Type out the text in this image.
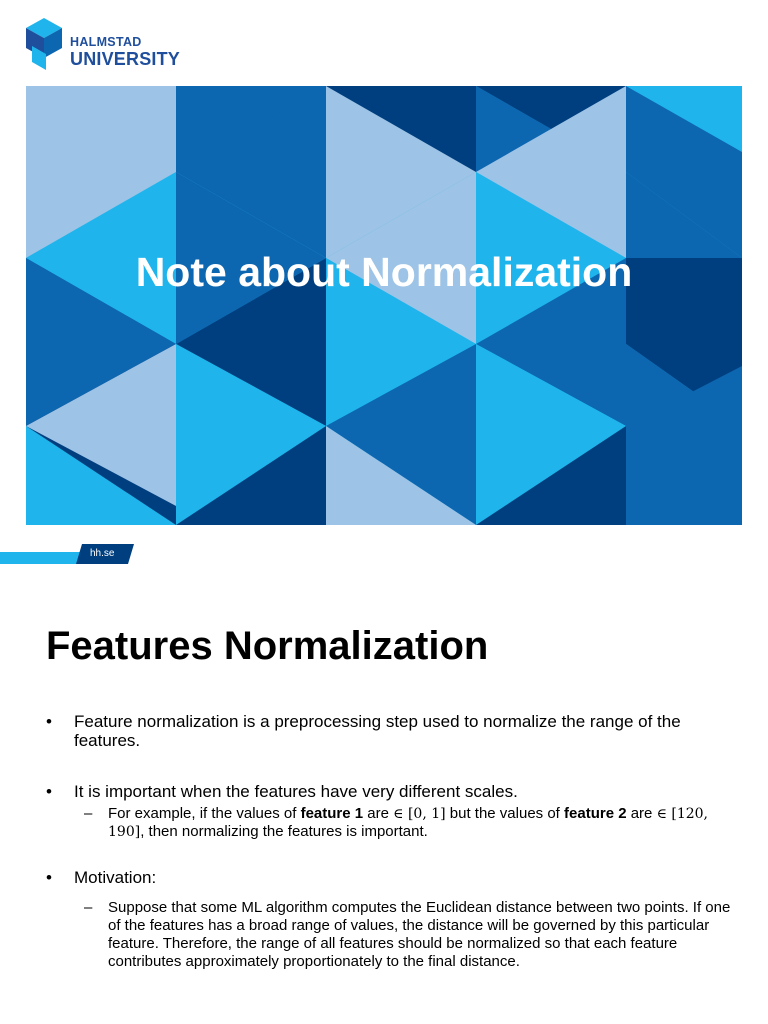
HALMSTAD
UNIVERSITY
Note about Normalization
hh.se
Features Normalization
• Feature normalization is a preprocessing step used to normalize the range of the features.
• It is important when the features have very different scales.
– For example, if the values of feature 1 are ∈ [0, 1] but the values of feature 2 are ∈ [120, 190], then normalizing the features is important.
• Motivation:
– Suppose that some ML algorithm computes the Euclidean distance between two points. If one of the features has a broad range of values, the distance will be governed by this particular feature. Therefore, the range of all features should be normalized so that each feature contributes approximately proportionately to the final distance.
